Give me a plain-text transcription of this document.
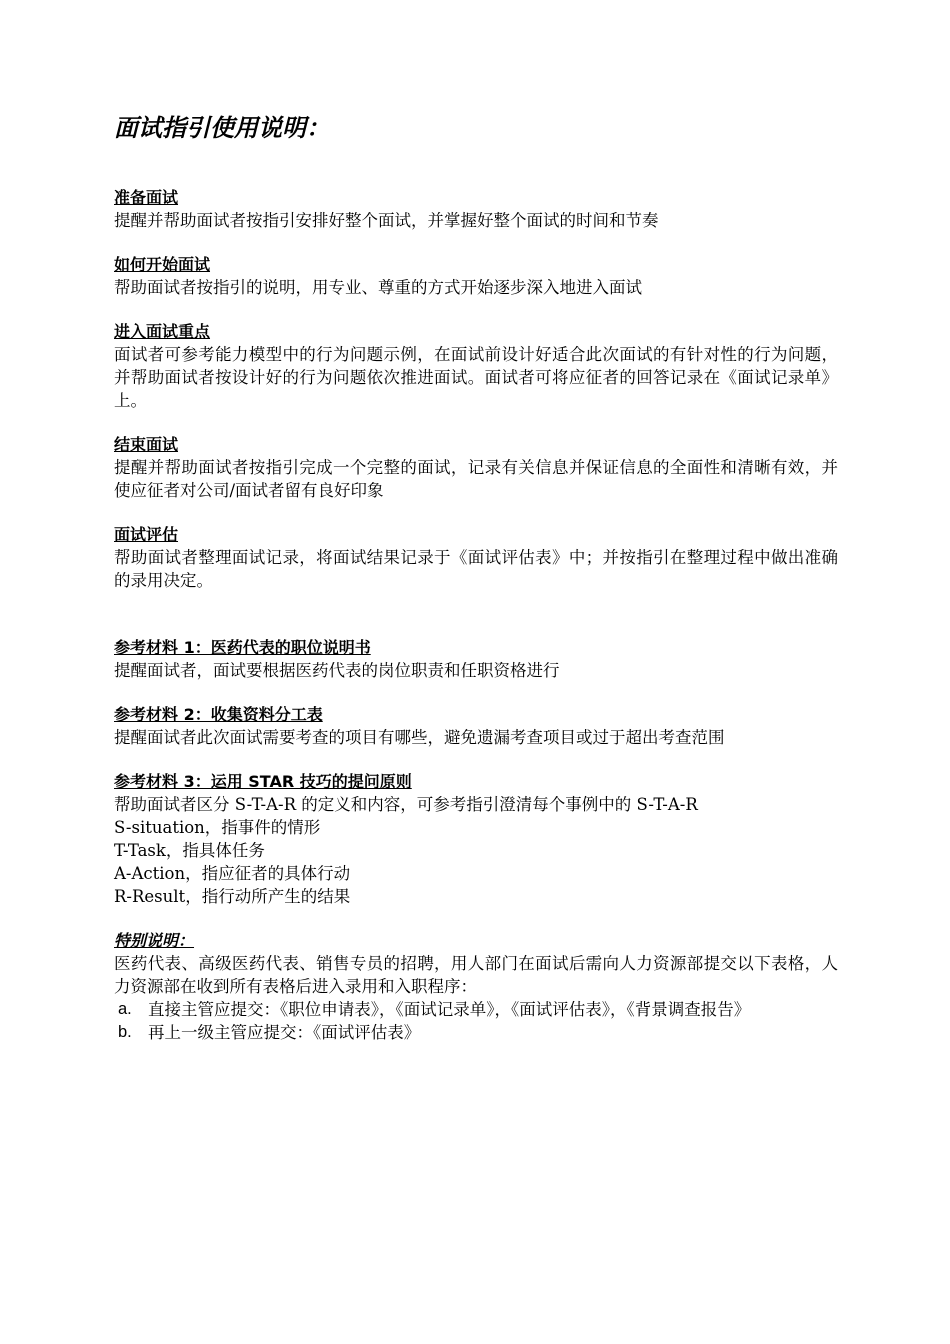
面试指引使用说明：

准备面试

提醒并帮助面试者按指引安排好整个面试，并掌握好整个面试的时间和节奏

如何开始面试

帮助面试者按指引的说明，用专业、尊重的方式开始逐步深入地进入面试

进入面试重点

面试者可参考能力模型中的行为问题示例，在面试前设计好适合此次面试的有针对性的行为问题，并帮助面试者按设计好的行为问题依次推进面试。面试者可将应征者的回答记录在《面试记录单》上。

结束面试

提醒并帮助面试者按指引完成一个完整的面试，记录有关信息并保证信息的全面性和清晰有效，并使应征者对公司/面试者留有良好印象

面试评估

帮助面试者整理面试记录，将面试结果记录于《面试评估表》中；并按指引在整理过程中做出准确的录用决定。

参考材料 1：医药代表的职位说明书

提醒面试者，面试要根据医药代表的岗位职责和任职资格进行

参考材料 2：收集资料分工表

提醒面试者此次面试需要考查的项目有哪些，避免遗漏考查项目或过于超出考查范围

参考材料 3：运用 STAR 技巧的提问原则

帮助面试者区分 S-T-A-R 的定义和内容，可参考指引澄清每个事例中的 S-T-A-R
S-situation，指事件的情形
T-Task，指具体任务
A-Action，指应征者的具体行动
R-Result，指行动所产生的结果

特别说明：

医药代表、高级医药代表、销售专员的招聘，用人部门在面试后需向人力资源部提交以下表格，人力资源部在收到所有表格后进入录用和入职程序：

a. 直接主管应提交：《职位申请表》，《面试记录单》，《面试评估表》，《背景调查报告》
b. 再上一级主管应提交：《面试评估表》
